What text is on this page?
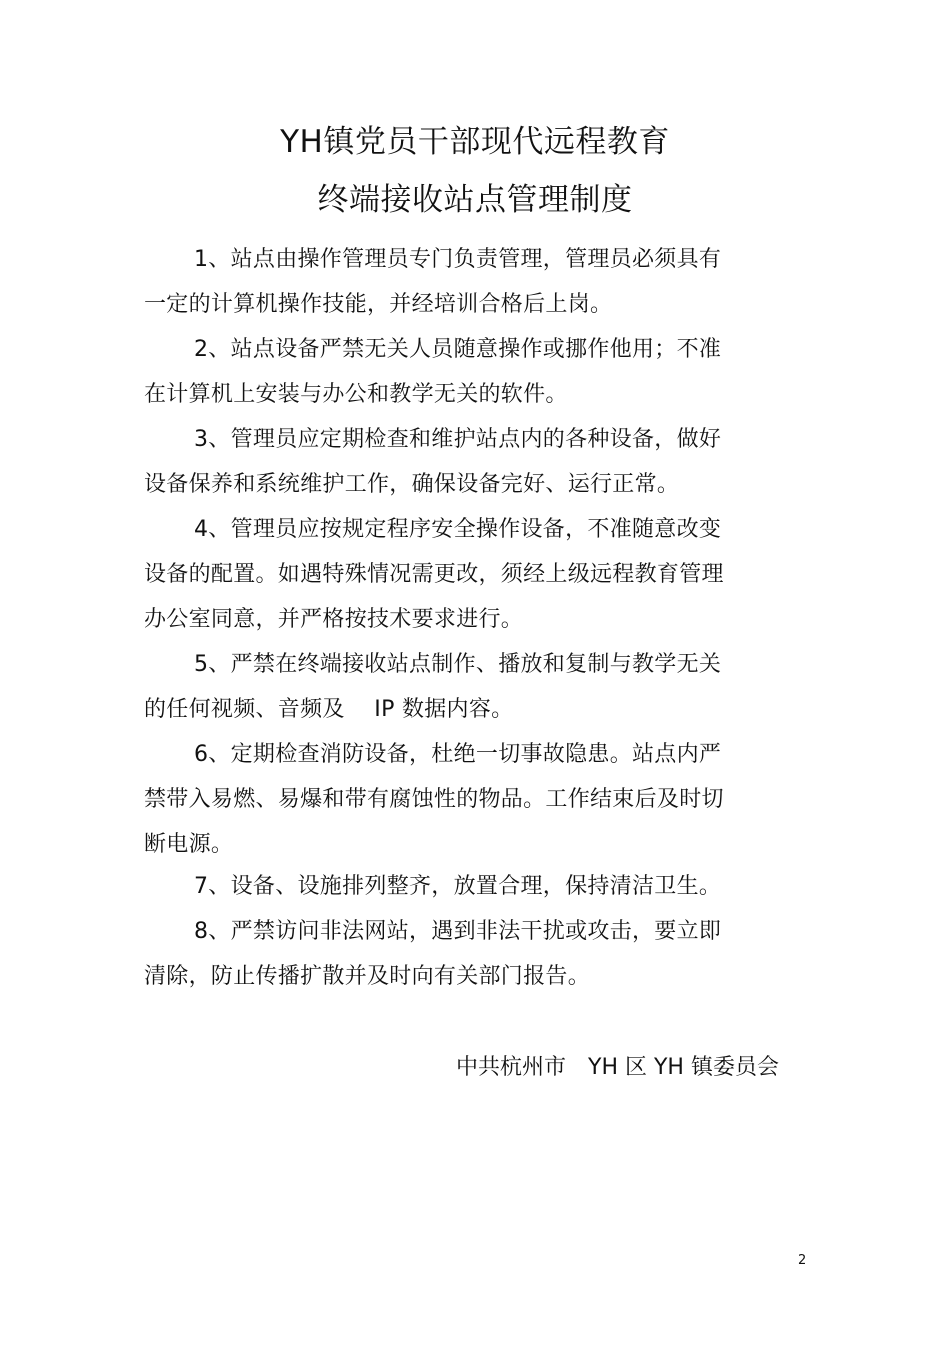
YH镇党员干部现代远程教育
终端接收站点管理制度
1、站点由操作管理员专门负责管理，管理员必须具有
一定的计算机操作技能，并经培训合格后上岗。
2、站点设备严禁无关人员随意操作或挪作他用；不准
在计算机上安装与办公和教学无关的软件。
3、管理员应定期检查和维护站点内的各种设备，做好
设备保养和系统维护工作，确保设备完好、运行正常。
4、管理员应按规定程序安全操作设备，不准随意改变
设备的配置。如遇特殊情况需更改，须经上级远程教育管理
办公室同意，并严格按技术要求进行。
5、严禁在终端接收站点制作、播放和复制与教学无关
的任何视频、音频及　 IP 数据内容。
6、定期检查消防设备，杜绝一切事故隐患。站点内严
禁带入易燃、易爆和带有腐蚀性的物品。工作结束后及时切
断电源。
7、设备、设施排列整齐，放置合理，保持清洁卫生。
8、严禁访问非法网站，遇到非法干扰或攻击，要立即
清除，防止传播扩散并及时向有关部门报告。
中共杭州市　YH 区 YH 镇委员会
2
